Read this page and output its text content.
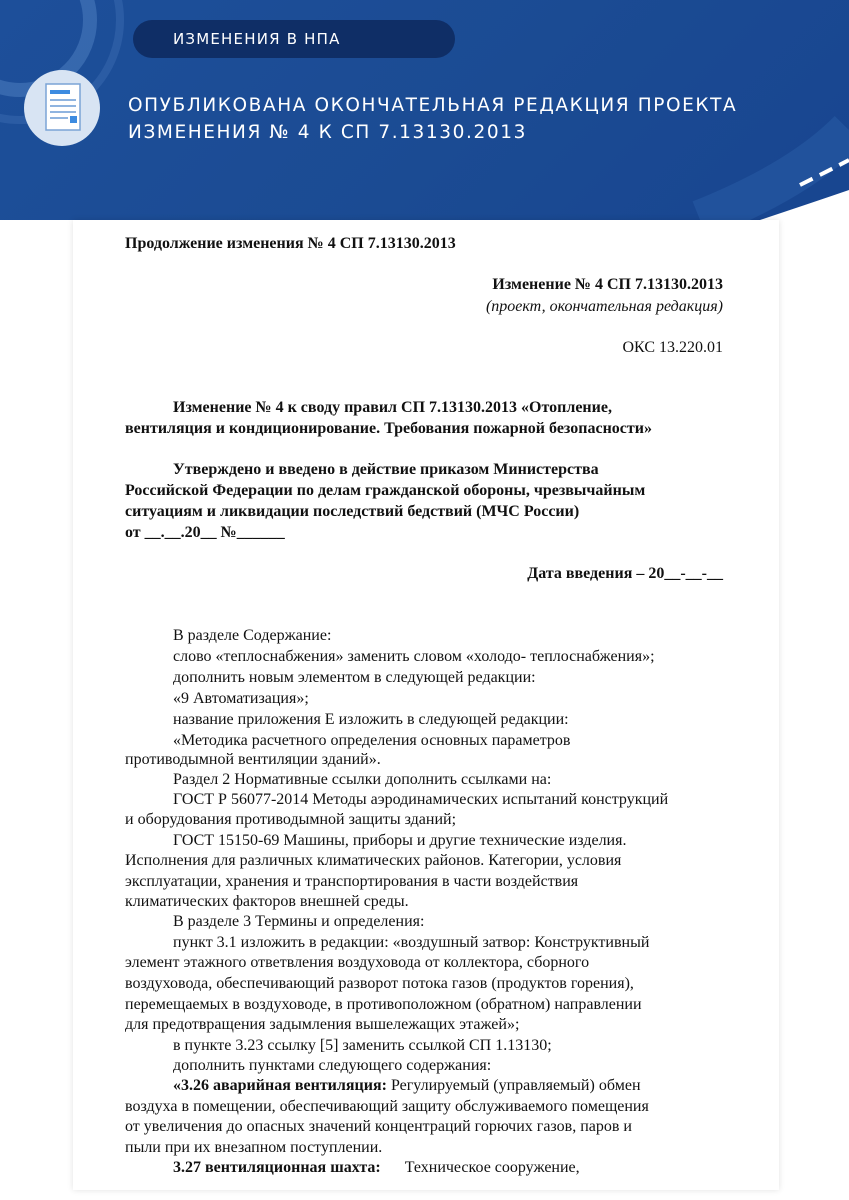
ИЗМЕНЕНИЯ В НПА
ОПУБЛИКОВАНА ОКОНЧАТЕЛЬНАЯ РЕДАКЦИЯ ПРОЕКТА
ИЗМЕНЕНИЯ № 4 К СП 7.13130.2013
Продолжение изменения № 4 СП 7.13130.2013
Изменение № 4 СП 7.13130.2013
(проект, окончательная редакция)
ОКС 13.220.01
Изменение № 4 к своду правил СП 7.13130.2013 «Отопление,
вентиляция и кондиционирование. Требования пожарной безопасности»
Утверждено и введено в действие приказом Министерства
Российской Федерации по делам гражданской обороны, чрезвычайным
ситуациям и ликвидации последствий бедствий (МЧС России)
от __.__.20__ №______
Дата введения – 20__-__-__
В разделе Содержание:
слово «теплоснабжения» заменить словом «холодо- теплоснабжения»;
дополнить новым элементом в следующей редакции:
«9 Автоматизация»;
название приложения Е изложить в следующей редакции:
«Методика расчетного определения основных параметров
противодымной вентиляции зданий».
Раздел 2 Нормативные ссылки дополнить ссылками на:
ГОСТ Р 56077-2014 Методы аэродинамических испытаний конструкций
и оборудования противодымной защиты зданий;
ГОСТ 15150-69 Машины, приборы и другие технические изделия.
Исполнения для различных климатических районов. Категории, условия
эксплуатации, хранения и транспортирования в части воздействия
климатических факторов внешней среды.
В разделе 3 Термины и определения:
пункт 3.1 изложить в редакции: «воздушный затвор: Конструктивный
элемент этажного ответвления воздуховода от коллектора, сборного
воздуховода, обеспечивающий разворот потока газов (продуктов горения),
перемещаемых в воздуховоде, в противоположном (обратном) направлении
для предотвращения задымления вышележащих этажей»;
в пункте 3.23 ссылку [5] заменить ссылкой СП 1.13130;
дополнить пунктами следующего содержания:
«3.26 аварийная вентиляция: Регулируемый (управляемый) обмен
воздуха в помещении, обеспечивающий защиту обслуживаемого помещения
от увеличения до опасных значений концентраций горючих газов, паров и
пыли при их внезапном поступлении.
3.27 вентиляционная шахта: Техническое сооружение,
